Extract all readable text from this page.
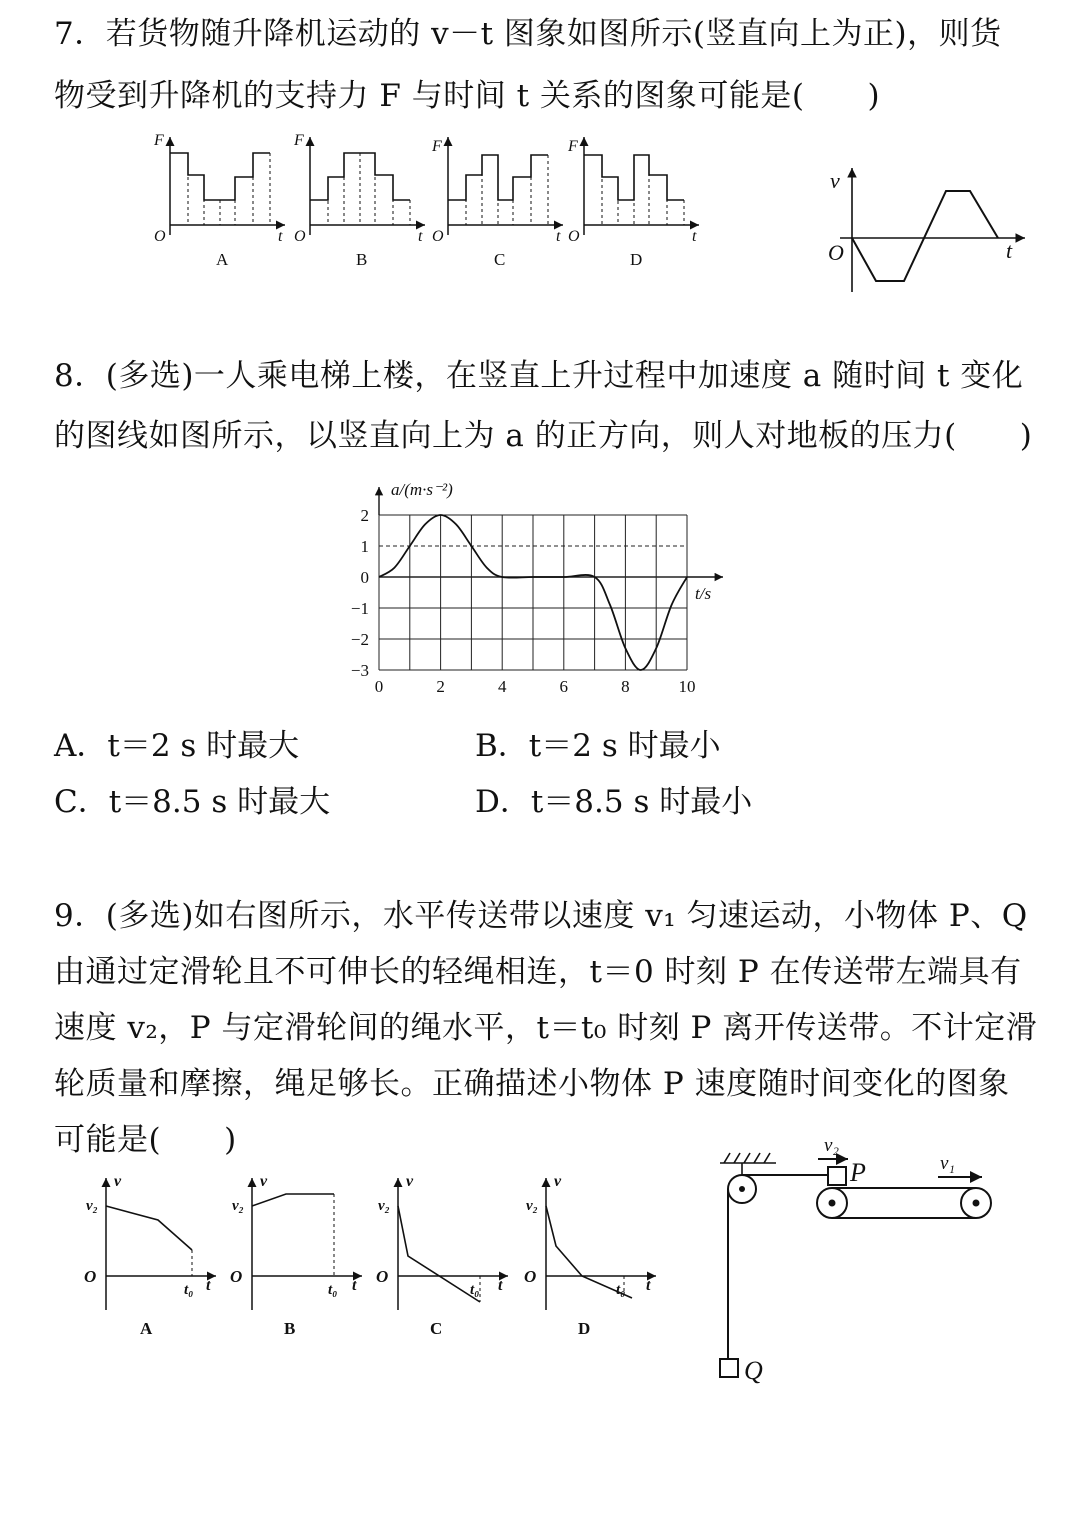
7．若货物随升降机运动的 v－t 图象如图所示(竖直向上为正)，则货
物受到升降机的支持力 F 与时间 t 关系的图象可能是(　　)
F
O	t
A
F
O	t
B
F
O	t
C
F
O	t
D
v
O	t
8．(多选)一人乘电梯上楼，在竖直上升过程中加速度 a 随时间 t 变化
的图线如图所示，以竖直向上为 a 的正方向，则人对地板的压力(　　)
2
1
0
−1
−2
−3
0	2	4	6	8	10
a/(m·s⁻²)
t/s
A．t＝2 s 时最大	B．t＝2 s 时最小
C．t＝8.5 s 时最大	D．t＝8.5 s 时最小
9．(多选)如右图所示，水平传送带以速度 v₁ 匀速运动，小物体 P、Q
由通过定滑轮且不可伸长的轻绳相连，t＝0 时刻 P 在传送带左端具有
速度 v₂，P 与定滑轮间的绳水平，t＝t₀ 时刻 P 离开传送带。不计定滑
轮质量和摩擦，绳足够长。正确描述小物体 P 速度随时间变化的图象
可能是(　　)
v
v₂
O
t₀ t
A
v
v₂
O
t₀ t
B
v
v₂
O
t₀ t
C
v
v₂
O
t₀ t
D
Q
P
v₂
v₁
